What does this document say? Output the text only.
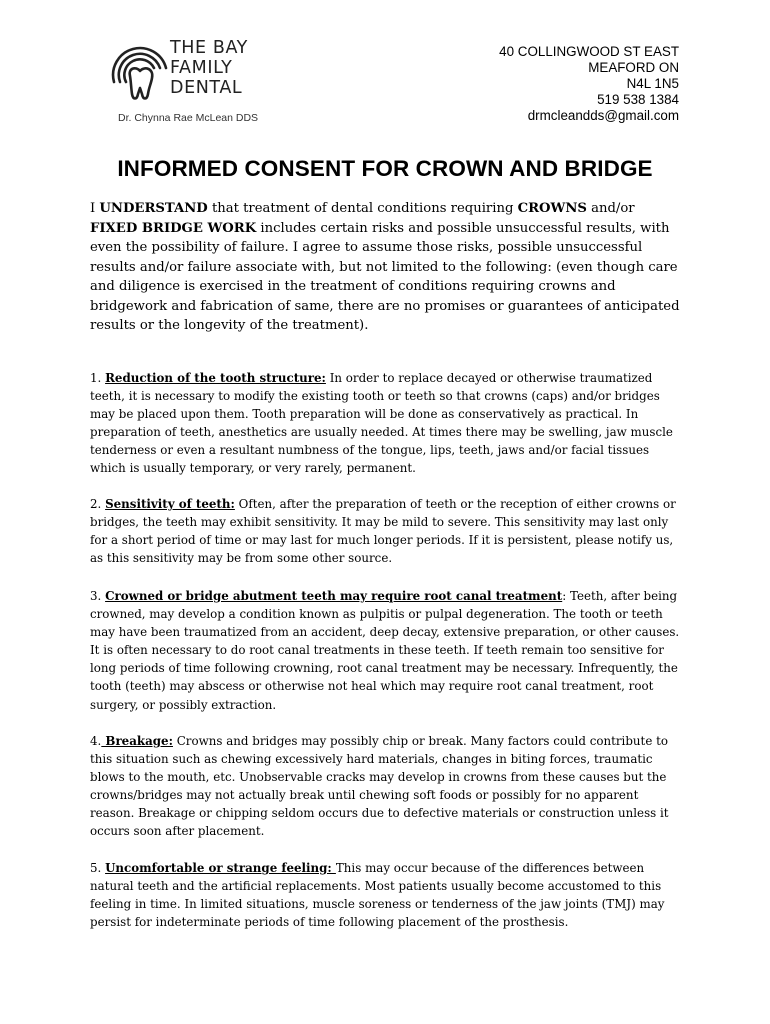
THE BAY
FAMILY
DENTAL
Dr. Chynna Rae McLean DDS
40 COLLINGWOOD ST EAST
MEAFORD ON
N4L 1N5
519 538 1384
drmcleandds@gmail.com
INFORMED CONSENT FOR CROWN AND BRIDGE
I UNDERSTAND that treatment of dental conditions requiring CROWNS and/or FIXED BRIDGE WORK includes certain risks and possible unsuccessful results, with even the possibility of failure. I agree to assume those risks, possible unsuccessful results and/or failure associate with, but not limited to the following: (even though care and diligence is exercised in the treatment of conditions requiring crowns and bridgework and fabrication of same, there are no promises or guarantees of anticipated results or the longevity of the treatment).
1. Reduction of the tooth structure: In order to replace decayed or otherwise traumatized teeth, it is necessary to modify the existing tooth or teeth so that crowns (caps) and/or bridges may be placed upon them. Tooth preparation will be done as conservatively as practical. In preparation of teeth, anesthetics are usually needed. At times there may be swelling, jaw muscle tenderness or even a resultant numbness of the tongue, lips, teeth, jaws and/or facial tissues which is usually temporary, or very rarely, permanent.
2. Sensitivity of teeth: Often, after the preparation of teeth or the reception of either crowns or bridges, the teeth may exhibit sensitivity. It may be mild to severe. This sensitivity may last only for a short period of time or may last for much longer periods. If it is persistent, please notify us, as this sensitivity may be from some other source.
3. Crowned or bridge abutment teeth may require root canal treatment: Teeth, after being crowned, may develop a condition known as pulpitis or pulpal degeneration. The tooth or teeth may have been traumatized from an accident, deep decay, extensive preparation, or other causes. It is often necessary to do root canal treatments in these teeth. If teeth remain too sensitive for long periods of time following crowning, root canal treatment may be necessary. Infrequently, the tooth (teeth) may abscess or otherwise not heal which may require root canal treatment, root surgery, or possibly extraction.
4. Breakage: Crowns and bridges may possibly chip or break. Many factors could contribute to this situation such as chewing excessively hard materials, changes in biting forces, traumatic blows to the mouth, etc. Unobservable cracks may develop in crowns from these causes but the crowns/bridges may not actually break until chewing soft foods or possibly for no apparent reason. Breakage or chipping seldom occurs due to defective materials or construction unless it occurs soon after placement.
5. Uncomfortable or strange feeling: This may occur because of the differences between natural teeth and the artificial replacements. Most patients usually become accustomed to this feeling in time. In limited situations, muscle soreness or tenderness of the jaw joints (TMJ) may persist for indeterminate periods of time following placement of the prosthesis.
